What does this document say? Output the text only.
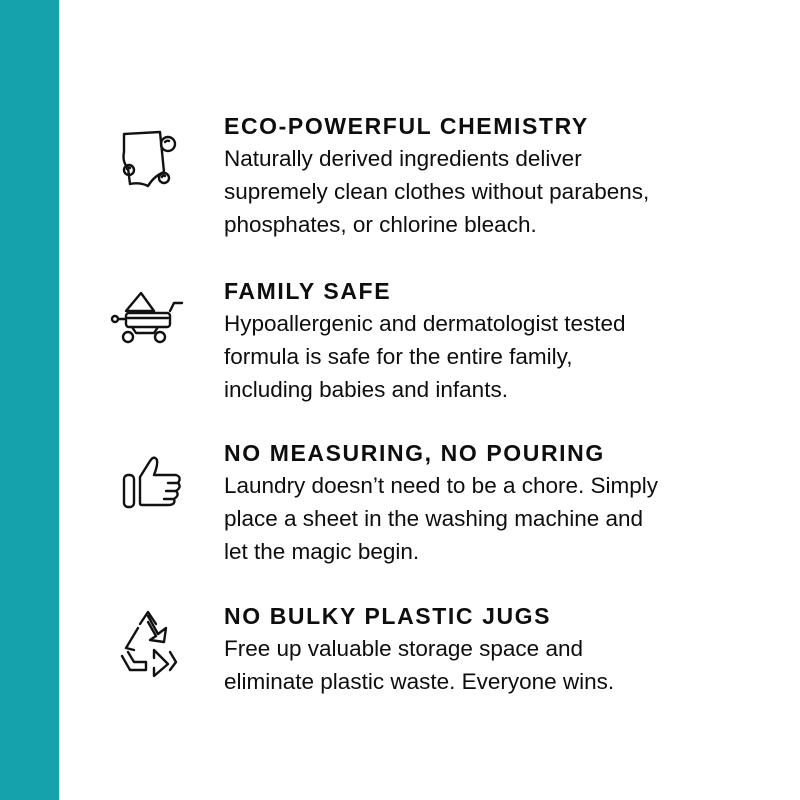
ECO-POWERFUL CHEMISTRY

Naturally derived ingredients deliver

supremely clean clothes without parabens,

phosphates, or chlorine bleach.

FAMILY SAFE

Hypoallergenic and dermatologist tested

formula is safe for the entire family,

including babies and infants.

NO MEASURING, NO POURING

Laundry doesn’t need to be a chore. Simply

place a sheet in the washing machine and

let the magic begin.

NO BULKY PLASTIC JUGS

Free up valuable storage space and

eliminate plastic waste. Everyone wins.
